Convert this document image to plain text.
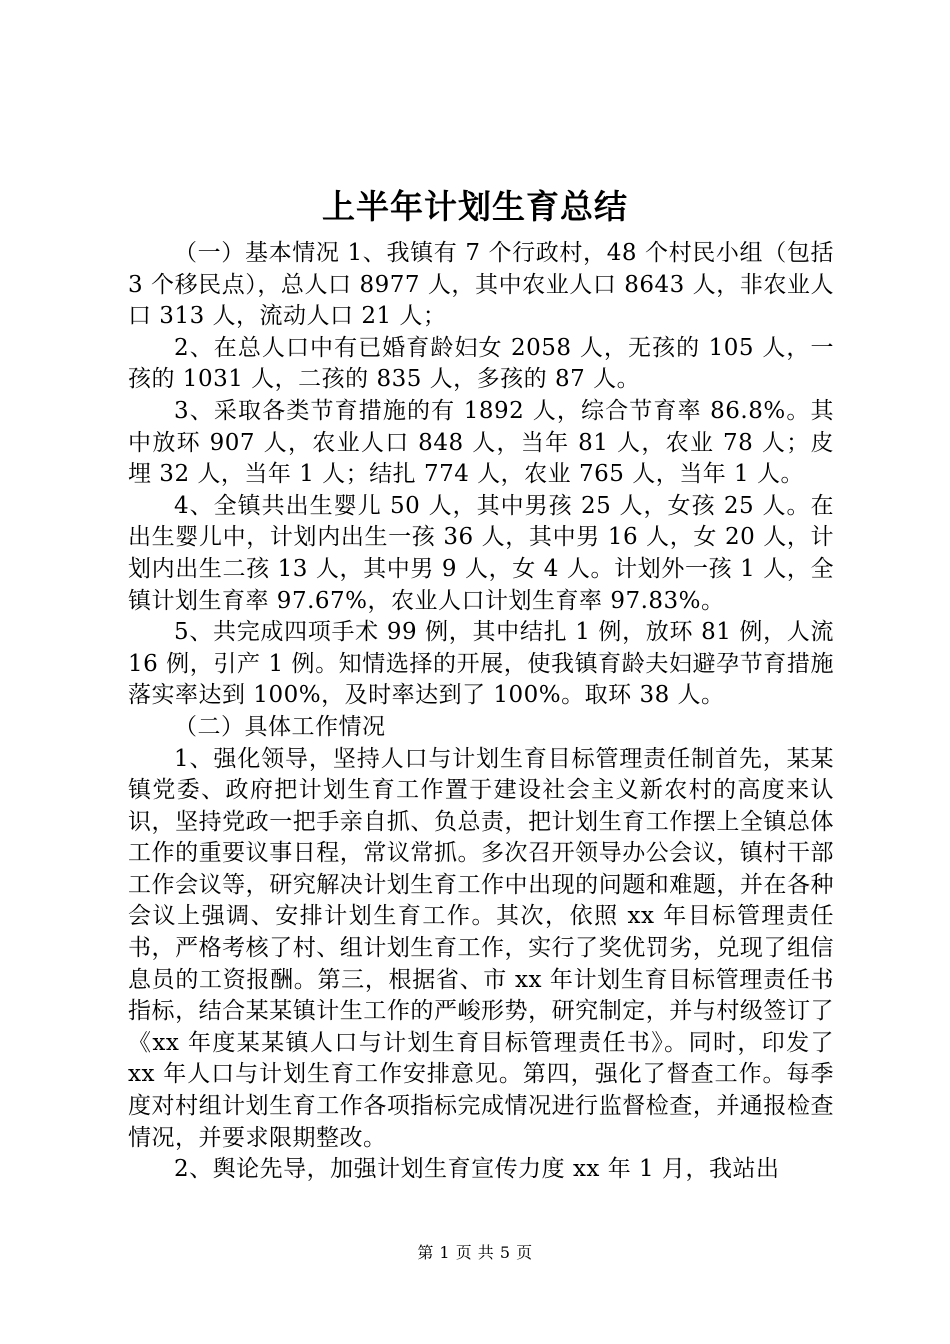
上半年计划生育总结

（一）基本情况 1、我镇有 7 个行政村，48 个村民小组（包括 3 个移民点），总人口 8977 人，其中农业人口 8643 人，非农业人口 313 人，流动人口 21 人；

2、在总人口中有已婚育龄妇女 2058 人，无孩的 105 人，一孩的 1031 人，二孩的 835 人，多孩的 87 人。

3、采取各类节育措施的有 1892 人，综合节育率 86.8%。其中放环 907 人，农业人口 848 人，当年 81 人，农业 78 人；皮埋 32 人，当年 1 人；结扎 774 人，农业 765 人，当年 1 人。

4、全镇共出生婴儿 50 人，其中男孩 25 人，女孩 25 人。在出生婴儿中，计划内出生一孩 36 人，其中男 16 人，女 20 人，计划内出生二孩 13 人，其中男 9 人，女 4 人。计划外一孩 1 人，全镇计划生育率 97.67%，农业人口计划生育率 97.83%。

5、共完成四项手术 99 例，其中结扎 1 例，放环 81 例，人流 16 例，引产 1 例。知情选择的开展，使我镇育龄夫妇避孕节育措施落实率达到 100%，及时率达到了 100%。取环 38 人。

（二）具体工作情况

1、强化领导，坚持人口与计划生育目标管理责任制首先，某某镇党委、政府把计划生育工作置于建设社会主义新农村的高度来认识，坚持党政一把手亲自抓、负总责，把计划生育工作摆上全镇总体工作的重要议事日程，常议常抓。多次召开领导办公会议，镇村干部工作会议等，研究解决计划生育工作中出现的问题和难题，并在各种会议上强调、安排计划生育工作。其次，依照 xx 年目标管理责任书，严格考核了村、组计划生育工作，实行了奖优罚劣，兑现了组信息员的工资报酬。第三，根据省、市 xx 年计划生育目标管理责任书指标，结合某某镇计生工作的严峻形势，研究制定，并与村级签订了《xx 年度某某镇人口与计划生育目标管理责任书》。同时，印发了 xx 年人口与计划生育工作安排意见。第四，强化了督查工作。每季度对村组计划生育工作各项指标完成情况进行监督检查，并通报检查情况，并要求限期整改。

2、舆论先导，加强计划生育宣传力度 xx 年 1 月，我站出

第 1 页 共 5 页
